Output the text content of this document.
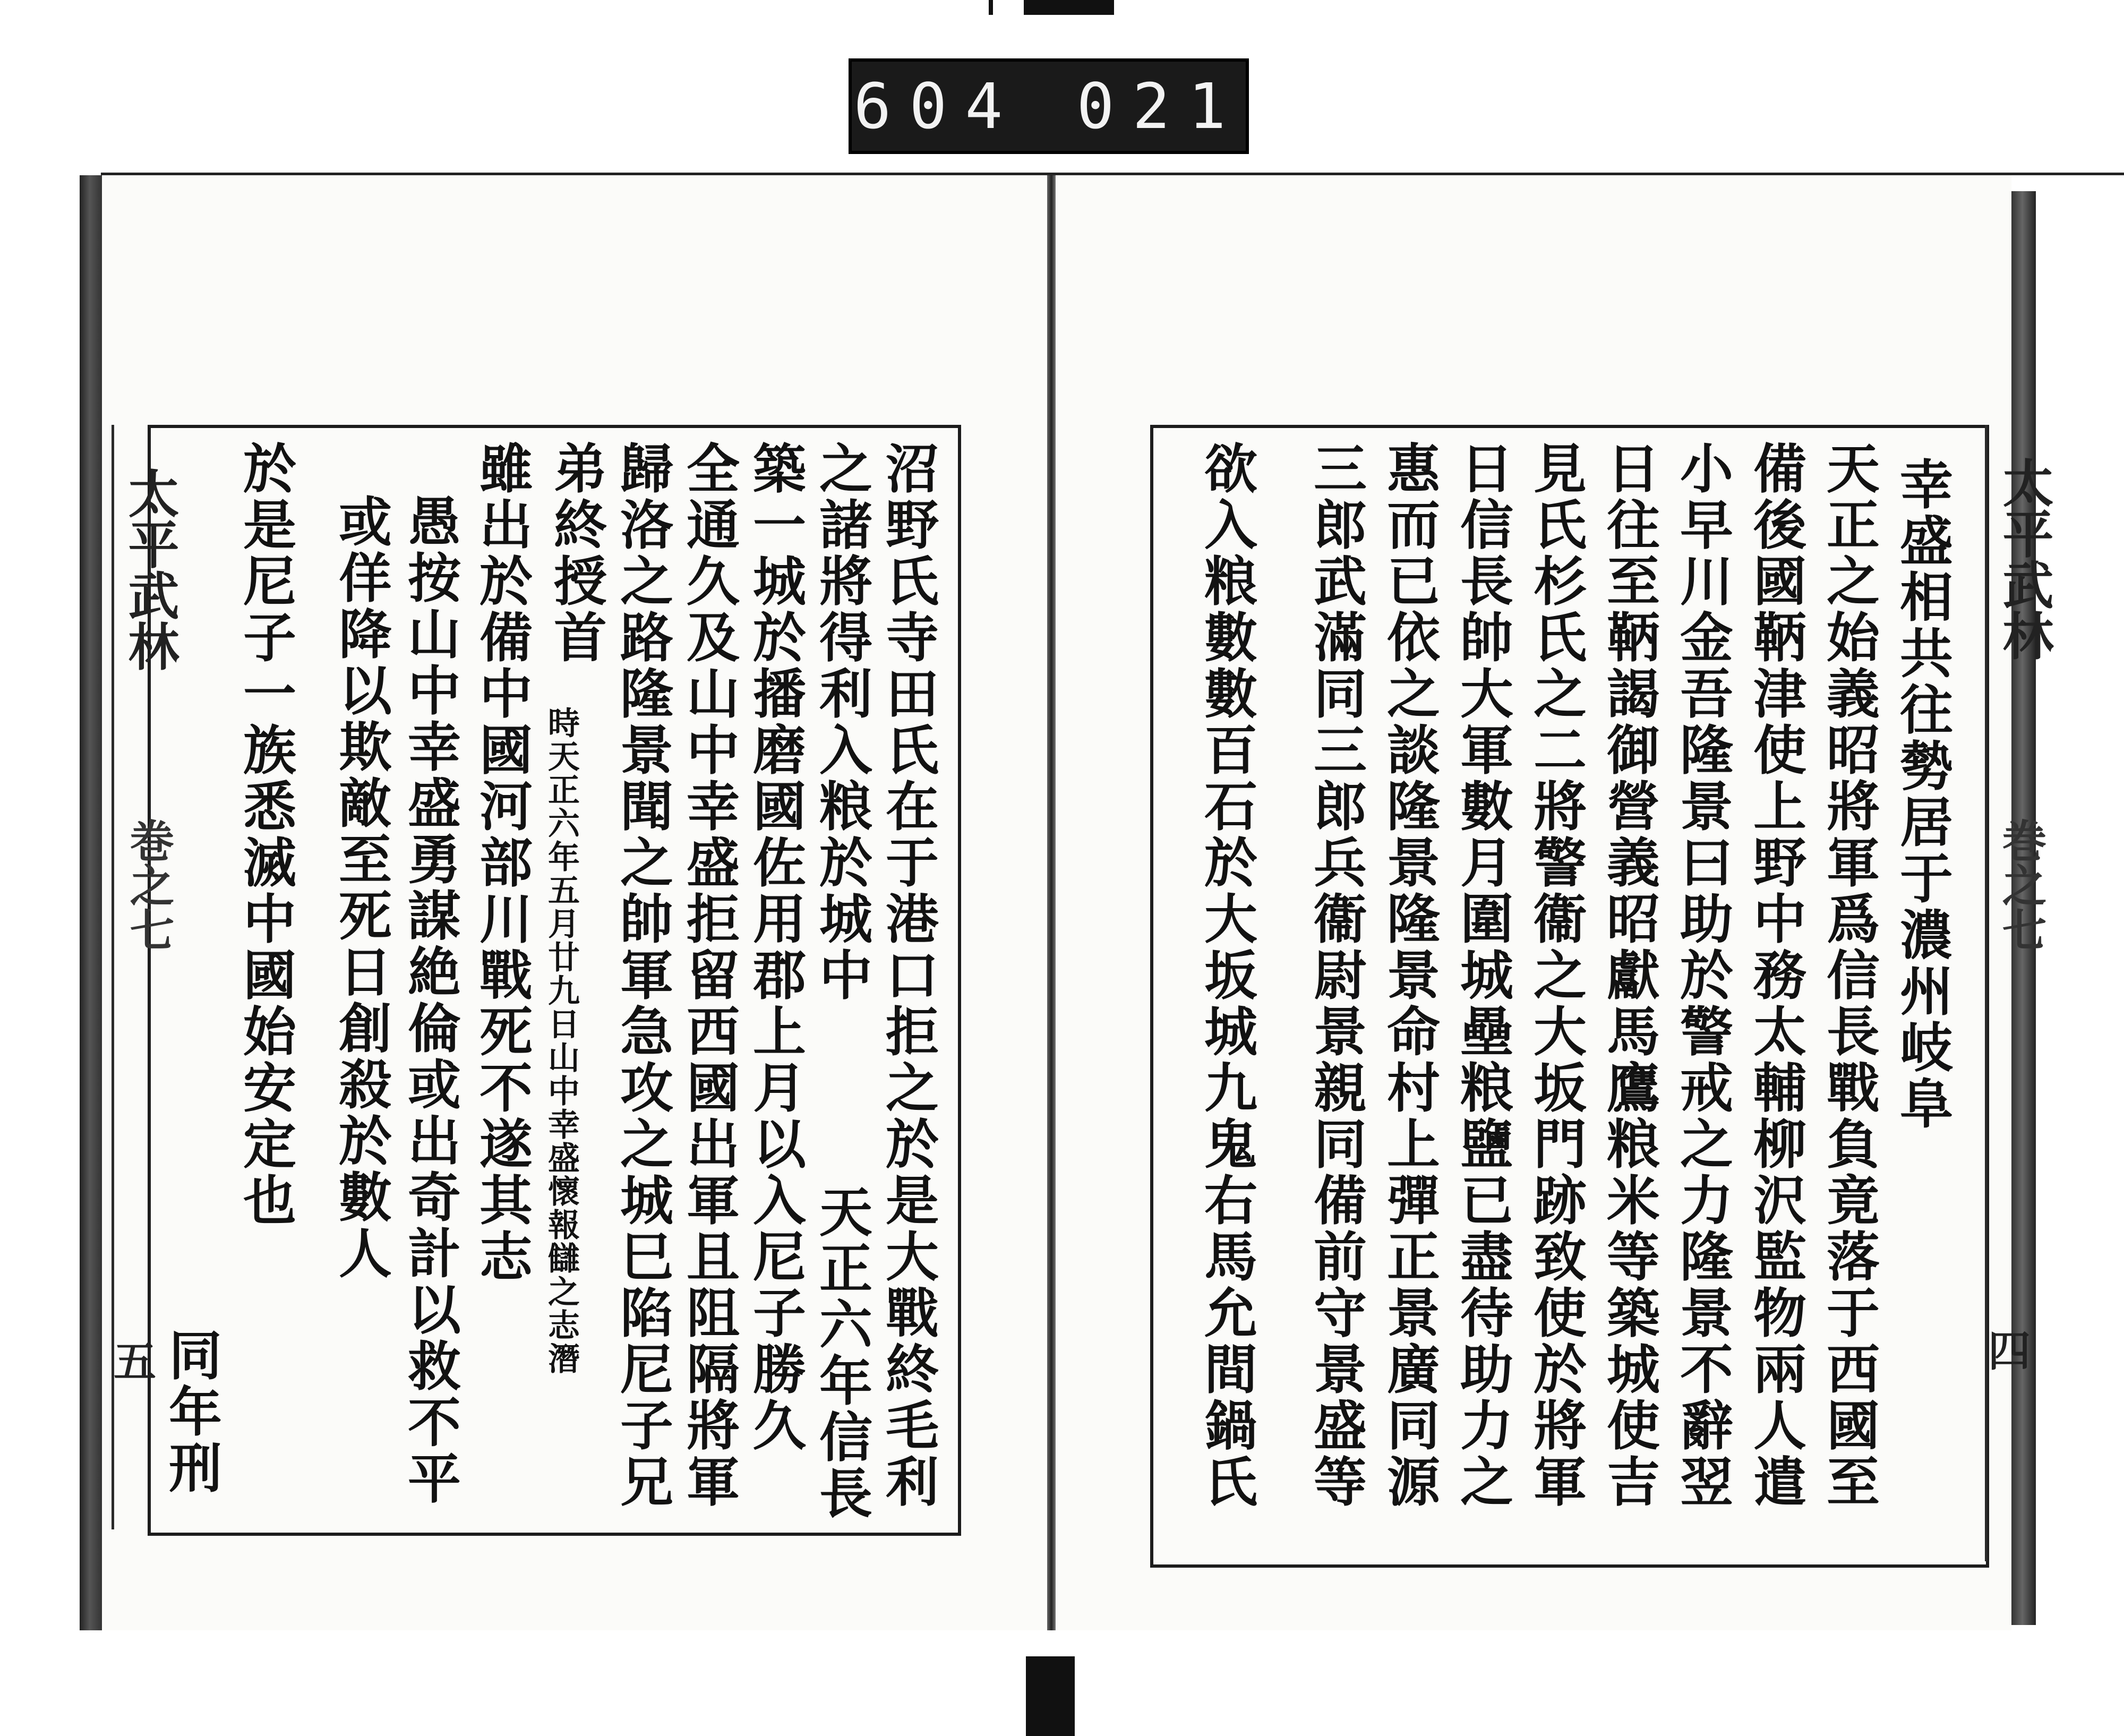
604 021
太平武林
巻之七
五
太平武林
巻之七
四
沼野氏寺田氏在于港口拒之於是大戰終毛利
之諸將得利入粮於城中
天正六年信長
築一城於播磨國佐用郡上月以入尼子勝久
全通久及山中幸盛拒留西國出軍且阻隔將軍
歸洛之路隆景聞之帥軍急攻之城巳陷尼子兄
弟終授首
時天正六年五月廿九日山中幸盛懷報讎之志潛
雖出於備中國河部川戰死不遂其志
愚按山中幸盛勇謀絶倫或出奇計以救不平
或佯降以欺敵至死日創殺於數人
於是尼子一族悉滅中國始安定也
同年刑
幸盛相共往勢居于濃州岐阜
天正之始義昭將軍爲信長戰負竟落于西國至
備後國鞆津使上野中務太輔柳沢監物兩人遣
小早川金吾隆景曰助於警戒之力隆景不辭翌
日往至鞆謁御營義昭獻馬鷹粮米等築城使吉
見氏杉氏之二將警衞之大坂門跡致使於將軍
日信長帥大軍數月圍城壘粮鹽已盡待助力之
惠而已依之談隆景隆景命村上彈正景廣同源
三郎武滿同三郎兵衞尉景親同備前守景盛等
欲入粮數數百石於大坂城九鬼右馬允間鍋氏
